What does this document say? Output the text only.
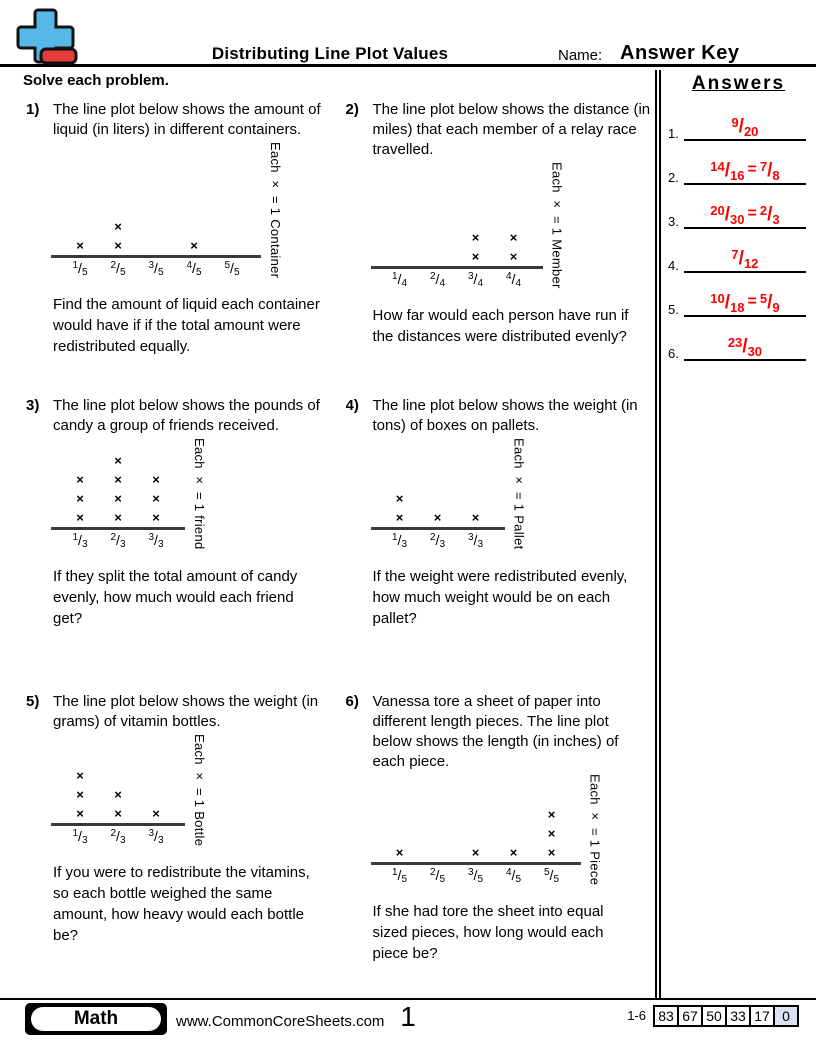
Distributing Line Plot Values	Name: Answer Key
Solve each problem.

1) The line plot below shows the amount of liquid (in liters) in different containers.

×
×
×	×
$^1$/5
$^2$/5
$^3$/5
$^4$/5
$^5$/5	Each × = 1 Container

Find the amount of liquid each container would have if if the total amount were redistributed equally.

2) The line plot below shows the distance (in miles) that each member of a relay race travelled.

×
×
×
×
$^1$/4
$^2$/4
$^3$/4
$^4$/4	Each × = 1 Member

How far would each person have run if the distances were distributed evenly?

3) The line plot below shows the pounds of candy a group of friends received.

×
×
×
×
×
×
×
×
×
×
$^1$/3
$^2$/3
$^3$/3	Each × = 1 friend

If they split the total amount of candy evenly, how much would each friend get?

4) The line plot below shows the weight (in tons) of boxes on pallets.

×
× × ×
$^1$/3
$^2$/3
$^3$/3	Each × = 1 Pallet

If the weight were redistributed evenly, how much weight would be on each pallet?

5) The line plot below shows the weight (in grams) of vitamin bottles.

×
×
×
×
× ×
$^1$/3
$^2$/3
$^3$/3	Each × = 1 Bottle

If you were to redistribute the vitamins, so each bottle weighed the same amount, how heavy would each bottle be?

6) Vanessa tore a sheet of paper into different length pieces. The line plot below shows the length (in inches) of each piece.

×	× ×
×
×
×
$^1$/5
$^2$/5
$^3$/5
$^4$/5
$^5$/5	Each × = 1 Piece

If she had tore the sheet into equal sized pieces, how long would each piece be?

Answers
1.
$^9/_{20}$
2.
$^{14}/_{16} = ^7/_8$
3.
$^{20}/_{30} = ^2/_3$
4.
$^7/_{12}$
5.
$^{10}/_{18} = ^5/_9$
6.
$^{23}/_{30}$
Math	www.CommonCoreSheets.com 1	1-6 83 67 50 33 17 0
